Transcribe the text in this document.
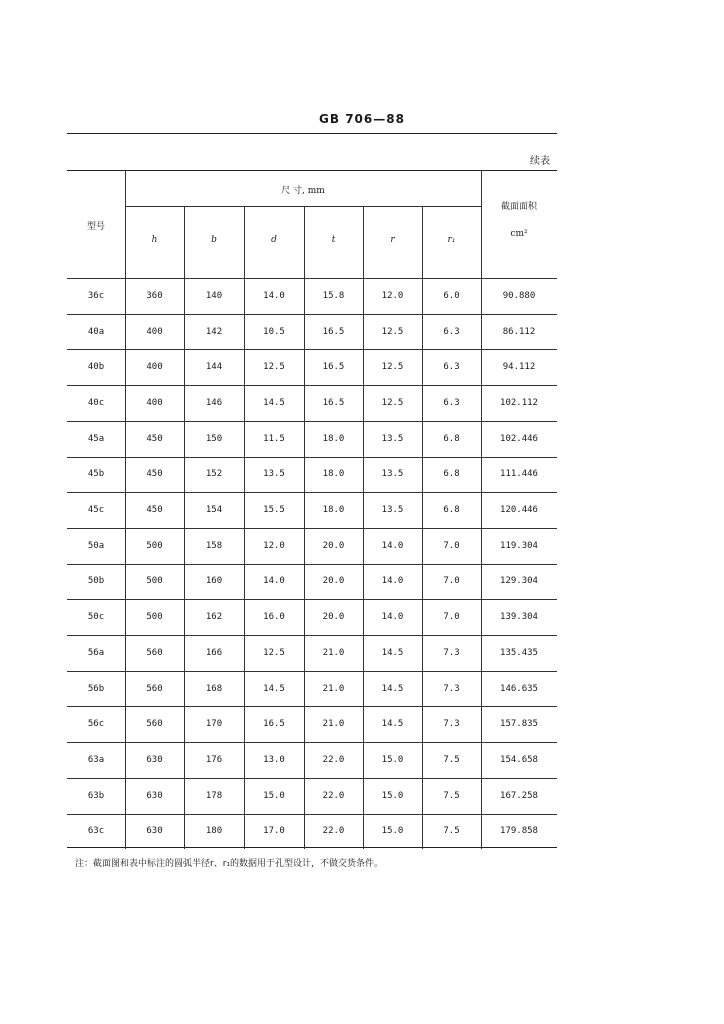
GB 706—88
续表
型号
尺 寸, mm
截面面积
cm²
h	b	d	t	r	r₁
36c	360	140	14.0	15.8	12.0	6.0	90.880
40a	400	142	10.5	16.5	12.5	6.3	86.112
40b	400	144	12.5	16.5	12.5	6.3	94.112
40c	400	146	14.5	16.5	12.5	6.3	102.112
45a	450	150	11.5	18.0	13.5	6.8	102.446
45b	450	152	13.5	18.0	13.5	6.8	111.446
45c	450	154	15.5	18.0	13.5	6.8	120.446
50a	500	158	12.0	20.0	14.0	7.0	119.304
50b	500	160	14.0	20.0	14.0	7.0	129.304
50c	500	162	16.0	20.0	14.0	7.0	139.304
56a	560	166	12.5	21.0	14.5	7.3	135.435
56b	560	168	14.5	21.0	14.5	7.3	146.635
56c	560	170	16.5	21.0	14.5	7.3	157.835
63a	630	176	13.0	22.0	15.0	7.5	154.658
63b	630	178	15.0	22.0	15.0	7.5	167.258
63c	630	180	17.0	22.0	15.0	7.5	179.858
注：截面图和表中标注的圆弧半径r、r₁的数据用于孔型设计，不做交货条件。
